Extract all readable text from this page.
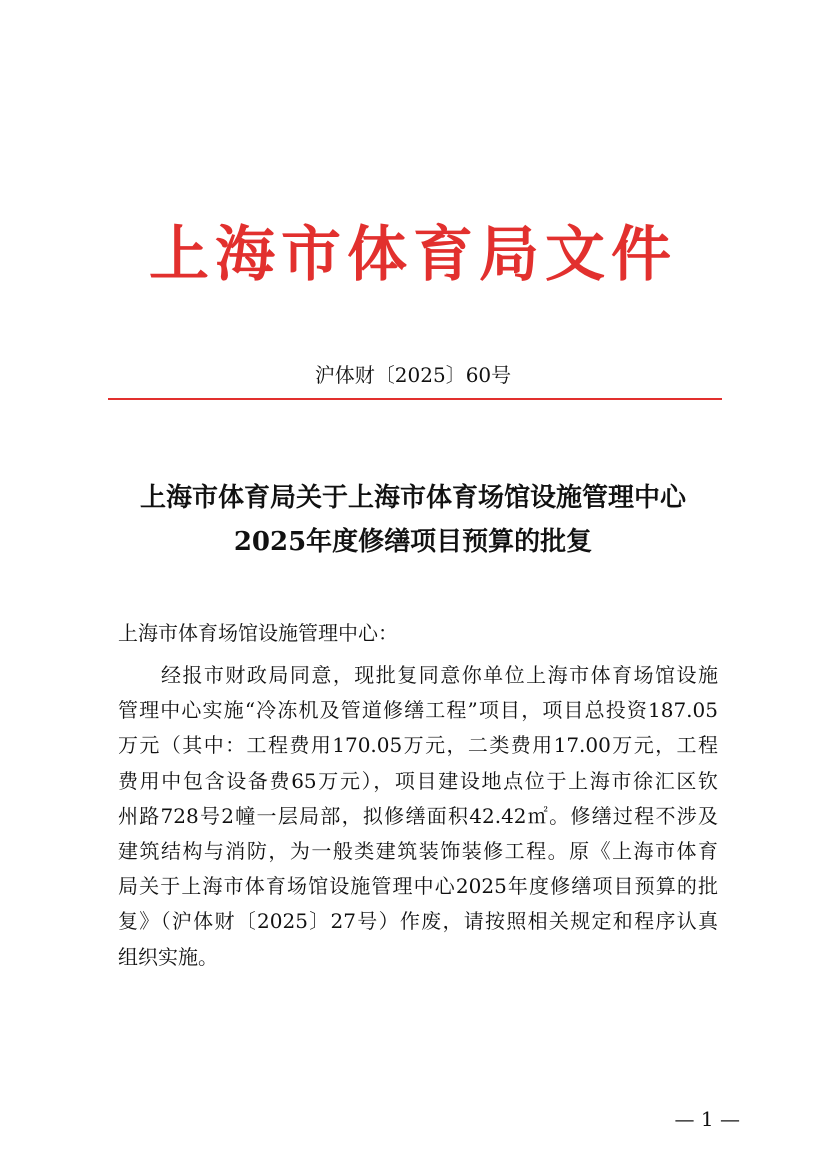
上海市体育局文件
沪体财〔2025〕60号
上海市体育局关于上海市体育场馆设施管理中心
2025年度修缮项目预算的批复
上海市体育场馆设施管理中心：
　　经报市财政局同意，现批复同意你单位上海市体育场馆设施
管理中心实施“冷冻机及管道修缮工程”项目，项目总投资187.05
万元（其中：工程费用170.05万元，二类费用17.00万元，工程
费用中包含设备费65万元），项目建设地点位于上海市徐汇区钦
州路728号2幢一层局部，拟修缮面积42.42㎡。修缮过程不涉及
建筑结构与消防，为一般类建筑装饰装修工程。原《上海市体育
局关于上海市体育场馆设施管理中心2025年度修缮项目预算的批
复》（沪体财〔2025〕27号）作废，请按照相关规定和程序认真
组织实施。
— 1 —
